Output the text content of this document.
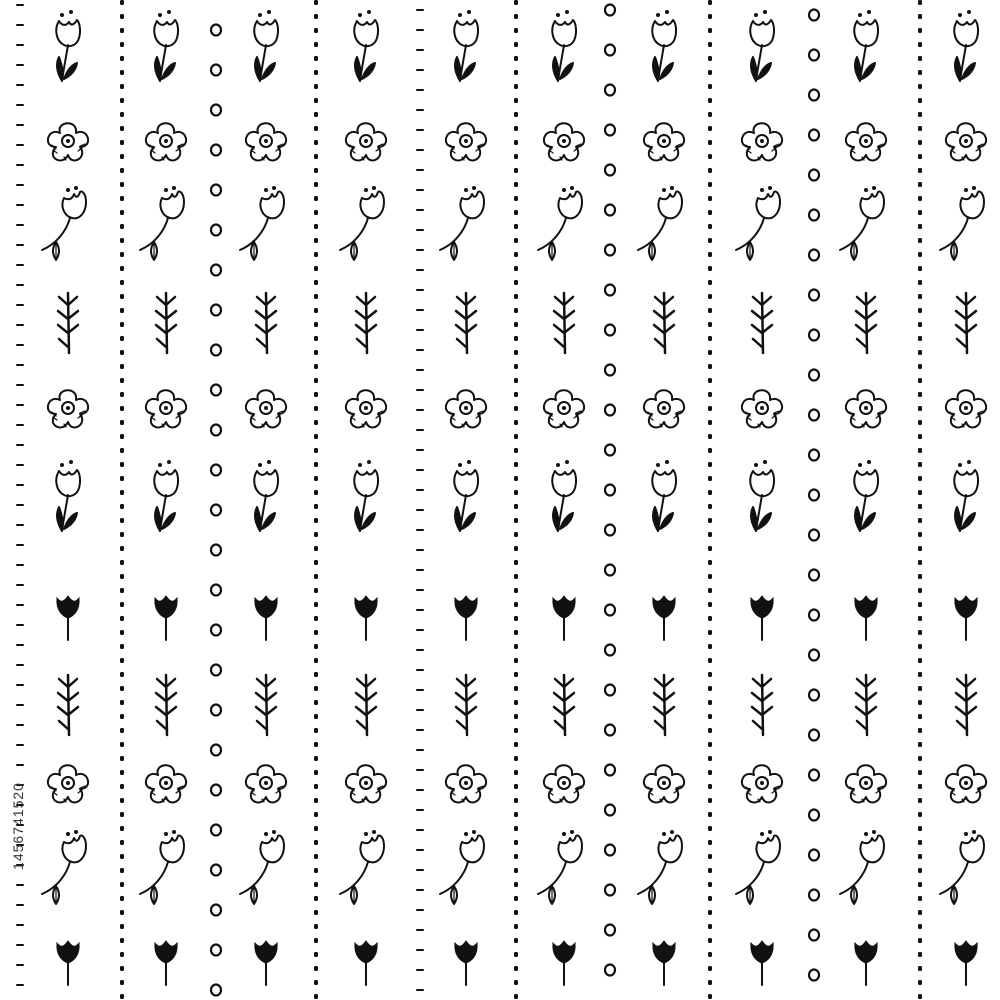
1456741520
